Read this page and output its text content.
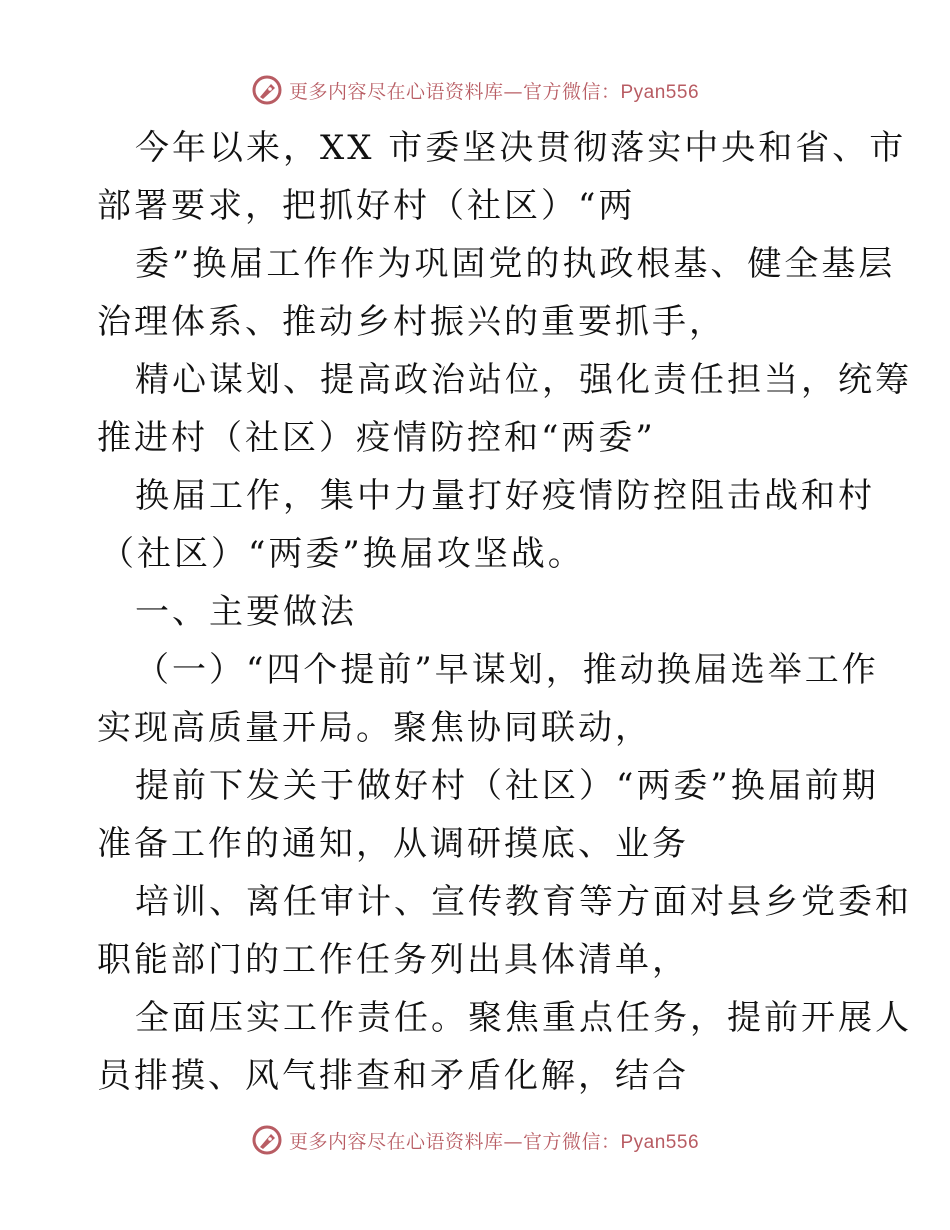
更多内容尽在心语资料库—官方微信：Pyan556
今年以来，XX 市委坚决贯彻落实中央和省、市
部署要求，把抓好村（社区）“两
委”换届工作作为巩固党的执政根基、健全基层
治理体系、推动乡村振兴的重要抓手，
精心谋划、提高政治站位，强化责任担当，统筹
推进村（社区）疫情防控和“两委”
换届工作，集中力量打好疫情防控阻击战和村
（社区）“两委”换届攻坚战。
一、主要做法
（一）“四个提前”早谋划，推动换届选举工作
实现高质量开局。聚焦协同联动，
提前下发关于做好村（社区）“两委”换届前期
准备工作的通知，从调研摸底、业务
培训、离任审计、宣传教育等方面对县乡党委和
职能部门的工作任务列出具体清单，
全面压实工作责任。聚焦重点任务，提前开展人
员排摸、风气排查和矛盾化解，结合
更多内容尽在心语资料库—官方微信：Pyan556
